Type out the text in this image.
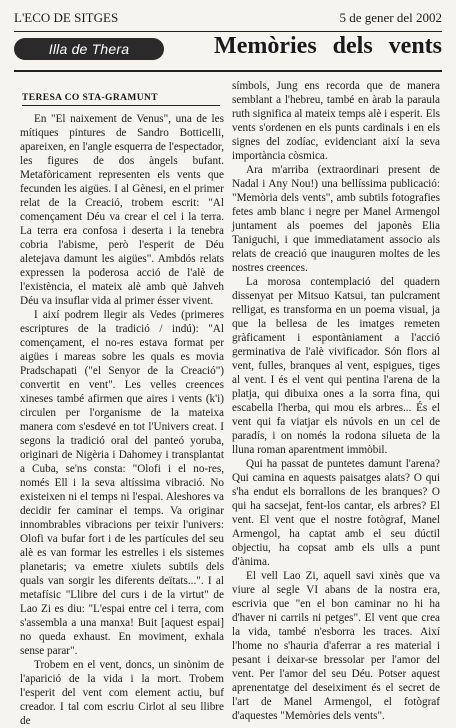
L'ECO DE SITGES	5 de gener del 2002
Illa de Thera	Memòries dels vents
TERESA CO STA-GRAMUNT

En "El naixement de Venus", una de les mítiques pintures de Sandro Botticelli, apareixen, en l'angle esquerra de l'espectador, les figures de dos àngels bufant. Metafòricament representen els vents que fecunden les aigües. I al Gènesi, en el primer relat de la Creació, trobem escrit: "Al començament Déu va crear el cel i la terra. La terra era confosa i deserta i la tenebra cobria l'abisme, però l'esperit de Déu aletejava damunt les aigües". Ambdós relats expressen la poderosa acció de l'alè de l'existència, el mateix alè amb què Jahveh Déu va insuflar vida al primer ésser vivent.

I així podrem llegir als Vedes (primeres escriptures de la tradició / indú): "Al començament, el no-res estava format per aigües i mareas sobre les quals es movia Pradschapati ("el Senyor de la Creació") convertit en vent". Les velles creences xineses també afirmen que aires i vents (k'i) circulen per l'organisme de la mateixa manera com s'esdevé en tot l'Univers creat. I segons la tradició oral del panteó yoruba, originari de Nigèria i Dahomey i transplantat a Cuba, se'ns consta: "Olofi i el no-res, només Ell i la seva altíssima vibració. No existeixen ni el temps ni l'espai. Aleshores va decidir fer caminar el temps. Va originar innombrables vibracions per teixir l'univers: Olofi va bufar fort i de les partícules del seu alè es van formar les estrelles i els sistemes planetaris; va emetre xiulets subtils dels quals van sorgir les diferents deïtats...". I al metafísic "Llibre del curs i de la virtut" de Lao Zi es diu: "L'espai entre cel i terra, com s'assembla a una manxa! Buit [aquest espai] no queda exhaust. En moviment, exhala sense parar".

Trobem en el vent, doncs, un sinònim de l'aparició de la vida i la mort. Trobem l'esperit del vent com element actiu, buf creador. I tal com escriu Cirlot al seu llibre de

símbols, Jung ens recorda que de manera semblant a l'hebreu, també en àrab la paraula ruth significa al mateix temps alè i esperit. Els vents s'ordenen en els punts cardinals i en els signes del zodíac, evidenciant així la seva importància còsmica.

Ara m'arriba (extraordinari present de Nadal i Any Nou!) una bellíssima publicació: "Memòria dels vents", amb subtils fotografies fetes amb blanc i negre per Manel Armengol juntament als poemes del japonès Elia Taniguchi, i que immediatament associo als relats de creació que inauguren moltes de les nostres creences.

La morosa contemplació del quadern dissenyat per Mitsuo Katsui, tan pulcrament relligat, es transforma en un poema visual, ja que la bellesa de les imatges remeten gràficament i espontàniament a l'acció germinativa de l'alè vivificador. Són flors al vent, fulles, branques al vent, espigues, tiges al vent. I és el vent qui pentina l'arena de la platja, qui dibuixa ones a la sorra fina, qui escabella l'herba, qui mou els arbres... És el vent qui fa viatjar els núvols en un cel de paradís, i on només la rodona silueta de la lluna roman aparentment immòbil.

Qui ha passat de puntetes damunt l'arena? Qui camina en aquests paisatges alats? O qui s'ha endut els borrallons de les branques? O qui ha sacsejat, fent-los cantar, els arbres? El vent. El vent que el nostre fotògraf, Manel Armengol, ha captat amb el seu dúctil objectiu, ha copsat amb els ulls a punt d'ànima.

El vell Lao Zi, aquell savi xinès que va viure al segle VI abans de la nostra era, escrivia que "en el bon caminar no hi ha d'haver ni carrils ni petges". El vent que crea la vida, també n'esborra les traces. Així l'home no s'hauria d'aferrar a res material i pesant i deixar-se bressolar per l'amor del vent. Per l'amor del seu Déu. Potser aquest aprenentatge del deseiximent és el secret de l'art de Manel Armengol, el fotògraf d'aquestes "Memòries dels vents".
